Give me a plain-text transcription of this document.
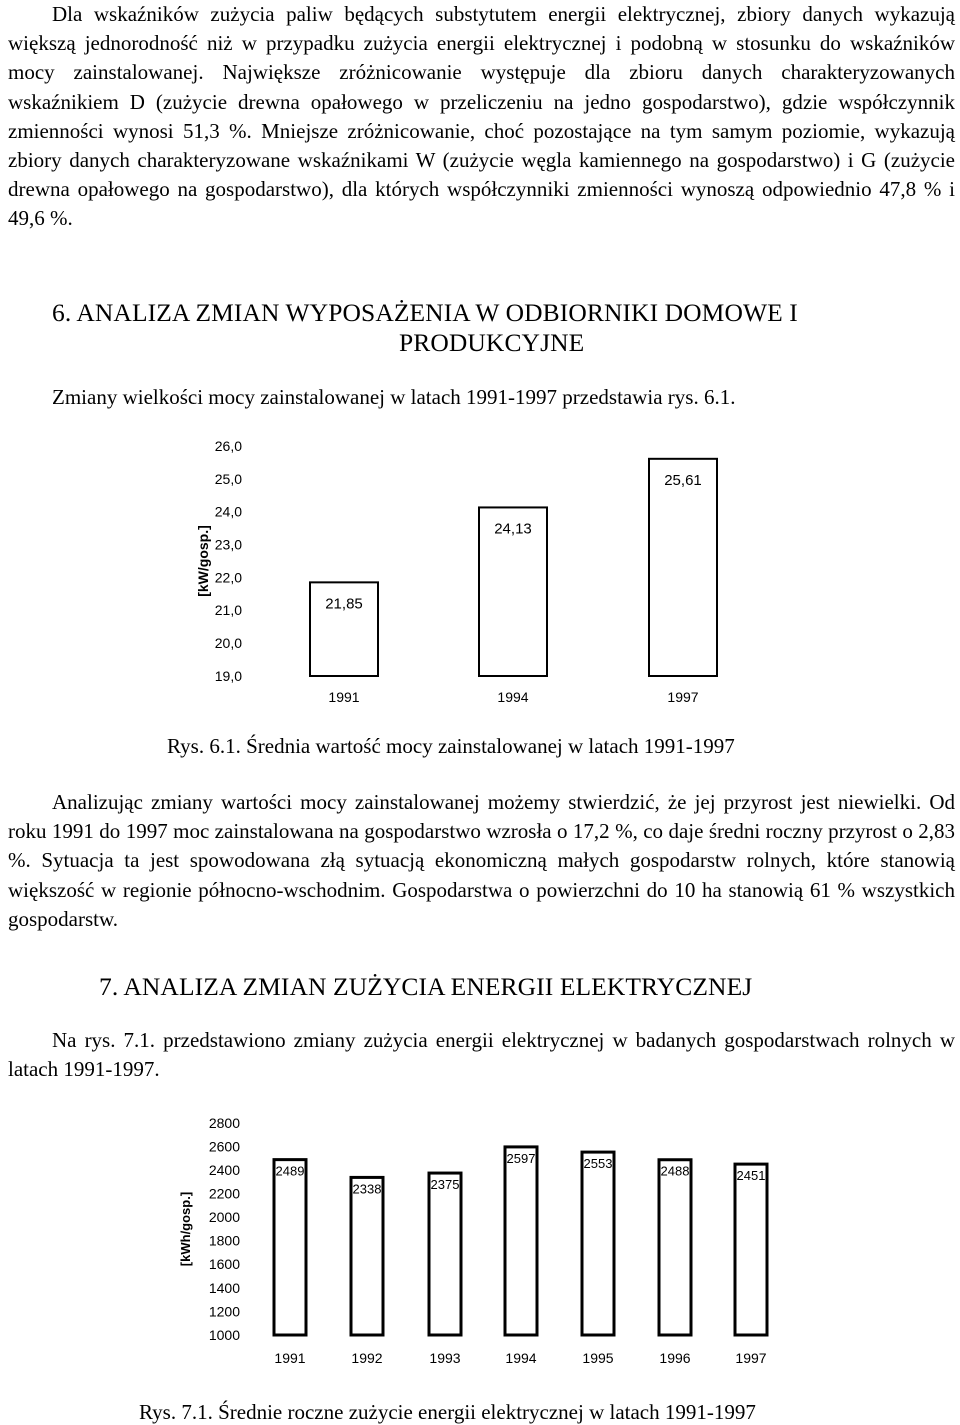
Dla wskaźników zużycia paliw będących substytutem energii elektrycznej, zbiory danych wykazują większą jednorodność niż w przypadku zużycia energii elektrycznej i podobną w stosunku do wskaźników mocy zainstalowanej. Największe zróżnicowanie występuje dla zbioru danych charakteryzowanych wskaźnikiem D (zużycie drewna opałowego w przeliczeniu na jedno gospodarstwo), gdzie współczynnik zmienności wynosi 51,3 %. Mniejsze zróżnicowanie, choć pozostające na tym samym poziomie, wykazują zbiory danych charakteryzowane wskaźnikami W (zużycie węgla kamiennego na gospodarstwo) i G (zużycie drewna opałowego na gospodarstwo), dla których współczynniki zmienności wynoszą odpowiednio 47,8 % i 49,6 %.

6. ANALIZA ZMIAN WYPOSAŻENIA W ODBIORNIKI DOMOWE I
PRODUKCYJNE

Zmiany wielkości mocy zainstalowanej w latach 1991-1997 przedstawia rys. 6.1.

26,0
25,0
24,0
23,0
22,0
21,0
20,0
19,0
[kW/gosp.]
21,85
1991
24,13
1994
25,61
1997

Rys. 6.1. Średnia wartość mocy zainstalowanej w latach 1991-1997

Analizując zmiany wartości mocy zainstalowanej możemy stwierdzić, że jej przyrost jest niewielki. Od roku 1991 do 1997 moc zainstalowana na gospodarstwo wzrosła o 17,2 %, co daje średni roczny przyrost o 2,83 %. Sytuacja ta jest spowodowana złą sytuacją ekonomiczną małych gospodarstw rolnych, które stanowią większość w regionie północno-wschodnim. Gospodarstwa o powierzchni do 10 ha stanowią 61 % wszystkich gospodarstw.

7. ANALIZA ZMIAN ZUŻYCIA ENERGII ELEKTRYCZNEJ

Na rys. 7.1. przedstawiono zmiany zużycia energii elektrycznej w badanych gospodarstwach rolnych w latach 1991-1997.

2800
2600
2400
2200
2000
1800
1600
1400
1200
1000
[kWh/gosp.]
2489
1991
2338
1992
2375
1993
2597
1994
2553
1995
2488
1996
2451
1997

Rys. 7.1. Średnie roczne zużycie energii elektrycznej w latach 1991-1997
